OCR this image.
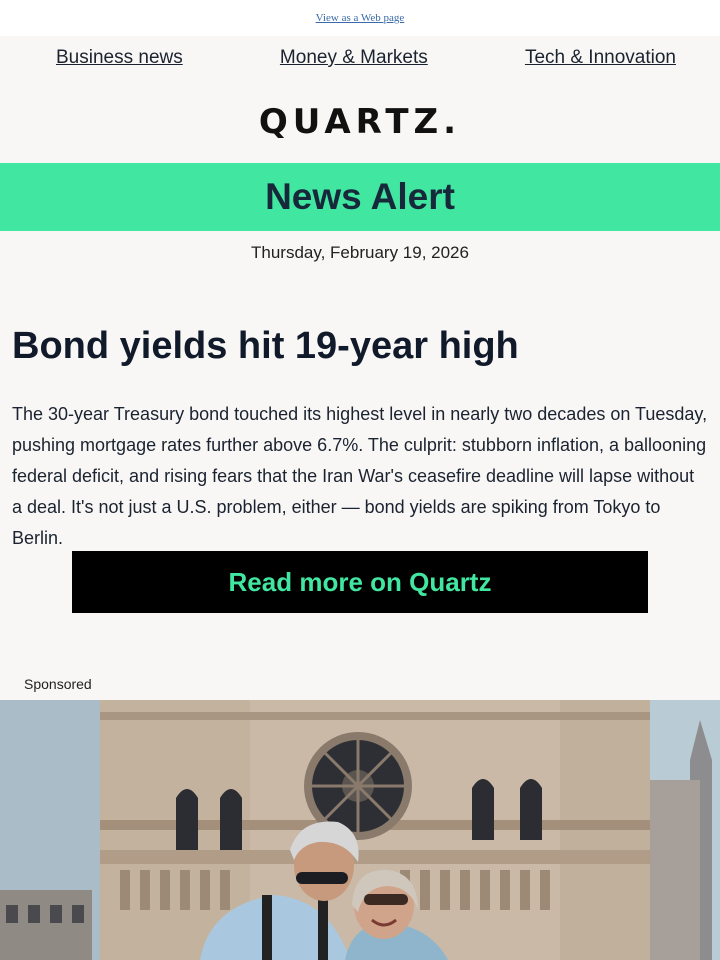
View as a Web page
Business news	Money & Markets	Tech & Innovation
QUARTZ.
News Alert
Thursday, February 19, 2026
Bond yields hit 19-year high
The 30-year Treasury bond touched its highest level in nearly two decades on Tuesday, pushing mortgage rates further above 6.7%. The culprit: stubborn inflation, a ballooning federal deficit, and rising fears that the Iran War's ceasefire deadline will lapse without a deal. It's not just a U.S. problem, either — bond yields are spiking from Tokyo to Berlin.
Read more on Quartz
Sponsored
